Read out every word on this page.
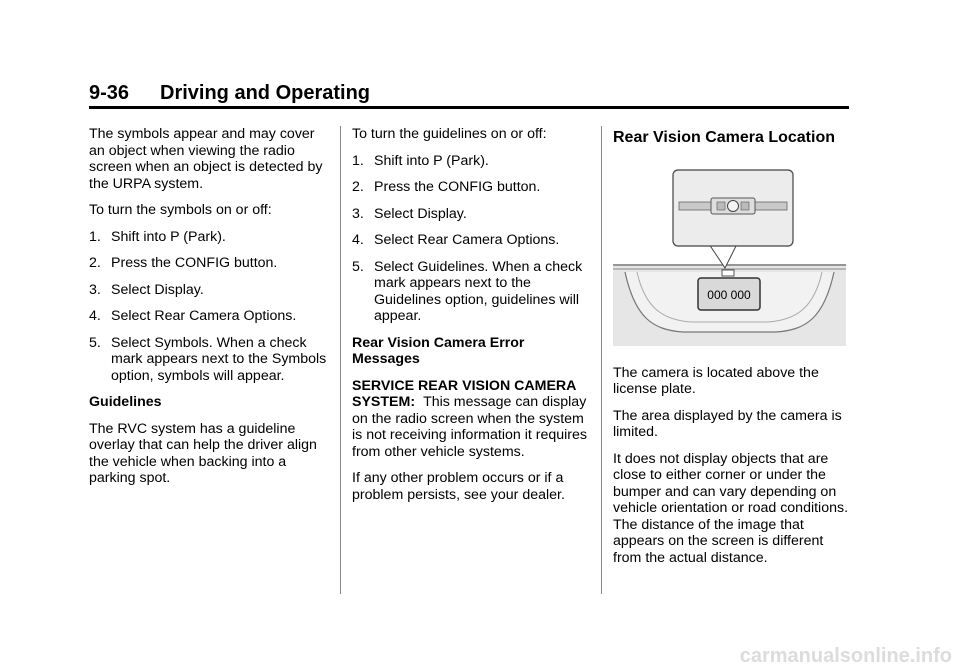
9-36 Driving and Operating

The symbols appear and may cover an object when viewing the radio screen when an object is detected by the URPA system.

To turn the symbols on or off:

1. Shift into P (Park).
2. Press the CONFIG button.
3. Select Display.
4. Select Rear Camera Options.
5. Select Symbols. When a check mark appears next to the Symbols option, symbols will appear.

Guidelines

The RVC system has a guideline overlay that can help the driver align the vehicle when backing into a parking spot.

To turn the guidelines on or off:

1. Shift into P (Park).
2. Press the CONFIG button.
3. Select Display.
4. Select Rear Camera Options.
5. Select Guidelines. When a check mark appears next to the Guidelines option, guidelines will appear.

Rear Vision Camera Error Messages

SERVICE REAR VISION CAMERA SYSTEM: This message can display on the radio screen when the system is not receiving information it requires from other vehicle systems.

If any other problem occurs or if a problem persists, see your dealer.

Rear Vision Camera Location

The camera is located above the license plate.

The area displayed by the camera is limited.

It does not display objects that are close to either corner or under the bumper and can vary depending on vehicle orientation or road conditions. The distance of the image that appears on the screen is different from the actual distance.

000 000
carmanualsonline.info
